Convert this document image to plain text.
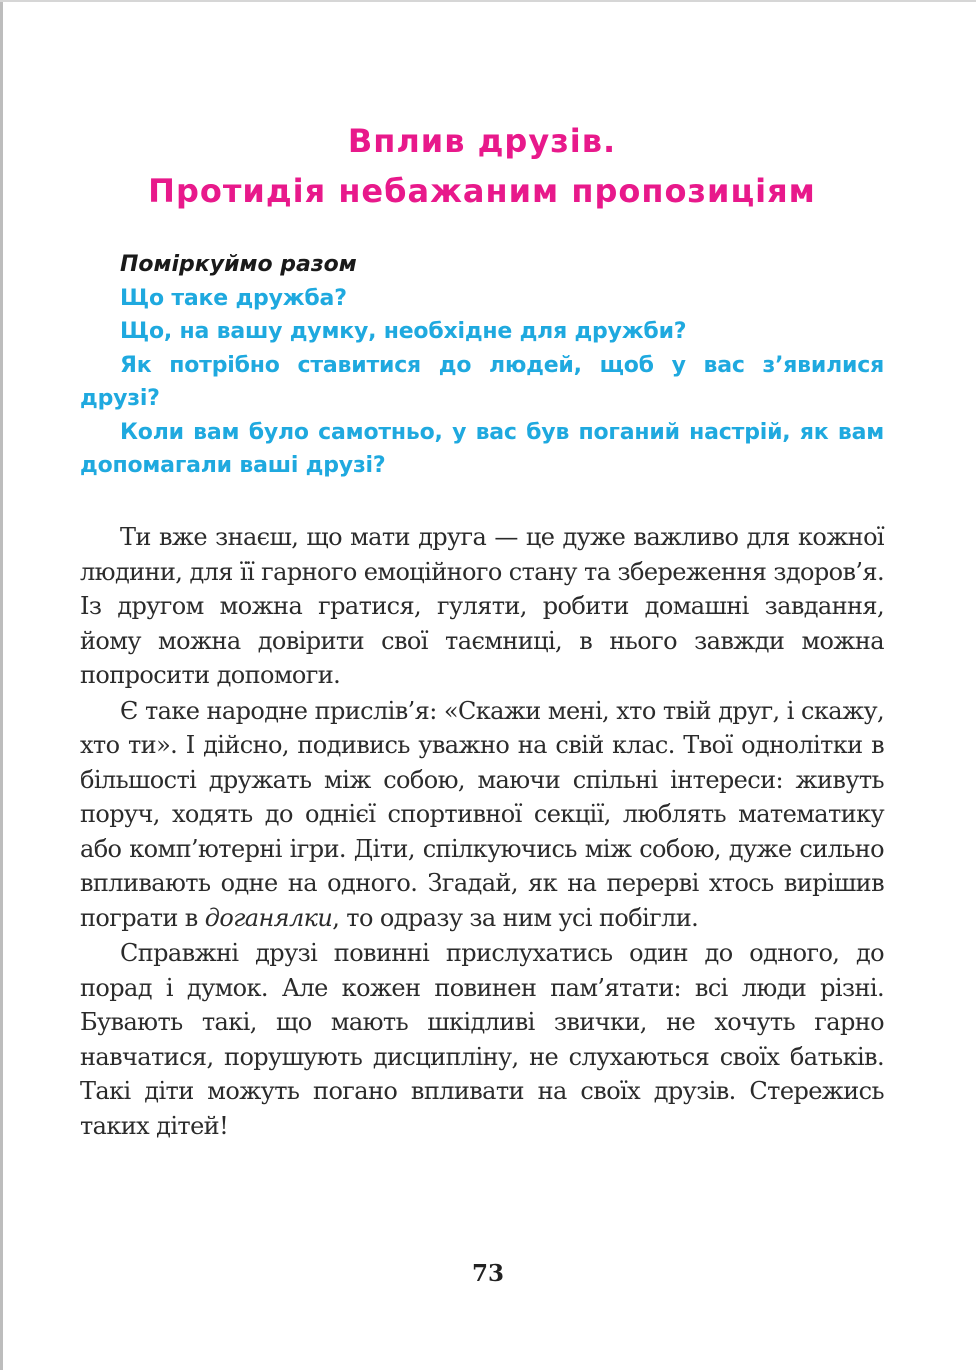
Вплив друзів.
Протидія небажаним пропозиціям
Поміркуймо разом
Що таке дружба?
Що, на вашу думку, необхідне для дружби?
Як потрібно ставитися до людей, щоб у вас з’явилися друзі?
Коли вам було самотньо, у вас був поганий настрій, як вам допомагали ваші друзі?

Ти вже знаєш, що мати друга — це дуже важливо для кожної людини, для її гарного емоційного стану та збереження здоров’я. Із другом можна гратися, гуляти, робити домашні завдання, йому можна довірити свої таємниці, в нього завжди можна попросити допомоги.

Є таке народне прислів’я: «Скажи мені, хто твій друг, і скажу, хто ти». І дійсно, подивись уважно на свій клас. Твої однолітки в більшості дружать між собою, маючи спільні інтереси: живуть поруч, ходять до однієї спортивної секції, люблять математику або комп’ютерні ігри. Діти, спілкуючись між собою, дуже сильно впливають одне на одного. Згадай, як на перерві хтось вирішив пограти в доганялки, то одразу за ним усі побігли.

Справжні друзі повинні прислухатись один до одного, до порад і думок. Але кожен повинен пам’ятати: всі люди різні. Бувають такі, що мають шкідливі звички, не хочуть гарно навчатися, порушують дисципліну, не слухаються своїх батьків. Такі діти можуть погано впливати на своїх друзів. Стережись таких дітей!

73
